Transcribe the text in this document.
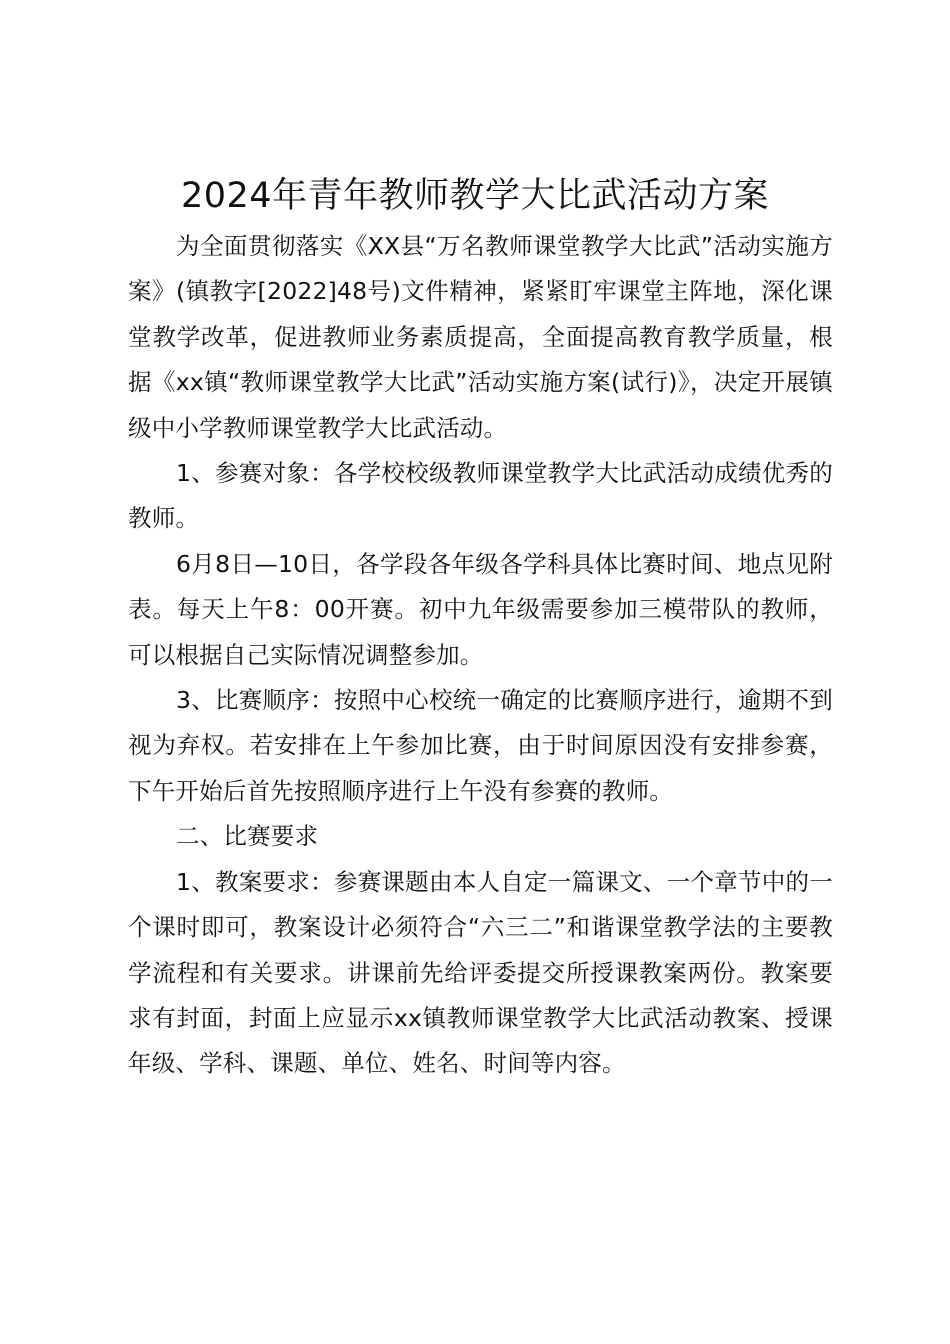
2024年青年教师教学大比武活动方案

为全面贯彻落实《XX县“万名教师课堂教学大比武”活动实施方案》(镇教字[2022]48号)文件精神，紧紧盯牢课堂主阵地，深化课堂教学改革，促进教师业务素质提高，全面提高教育教学质量，根据《xx镇“教师课堂教学大比武”活动实施方案(试行)》，决定开展镇级中小学教师课堂教学大比武活动。

1、参赛对象：各学校校级教师课堂教学大比武活动成绩优秀的教师。

6月8日—10日，各学段各年级各学科具体比赛时间、地点见附表。每天上午8：00开赛。初中九年级需要参加三模带队的教师，可以根据自己实际情况调整参加。

3、比赛顺序：按照中心校统一确定的比赛顺序进行，逾期不到视为弃权。若安排在上午参加比赛，由于时间原因没有安排参赛，下午开始后首先按照顺序进行上午没有参赛的教师。

二、比赛要求

1、教案要求：参赛课题由本人自定一篇课文、一个章节中的一个课时即可，教案设计必须符合“六三二”和谐课堂教学法的主要教学流程和有关要求。讲课前先给评委提交所授课教案两份。教案要求有封面，封面上应显示xx镇教师课堂教学大比武活动教案、授课年级、学科、课题、单位、姓名、时间等内容。
